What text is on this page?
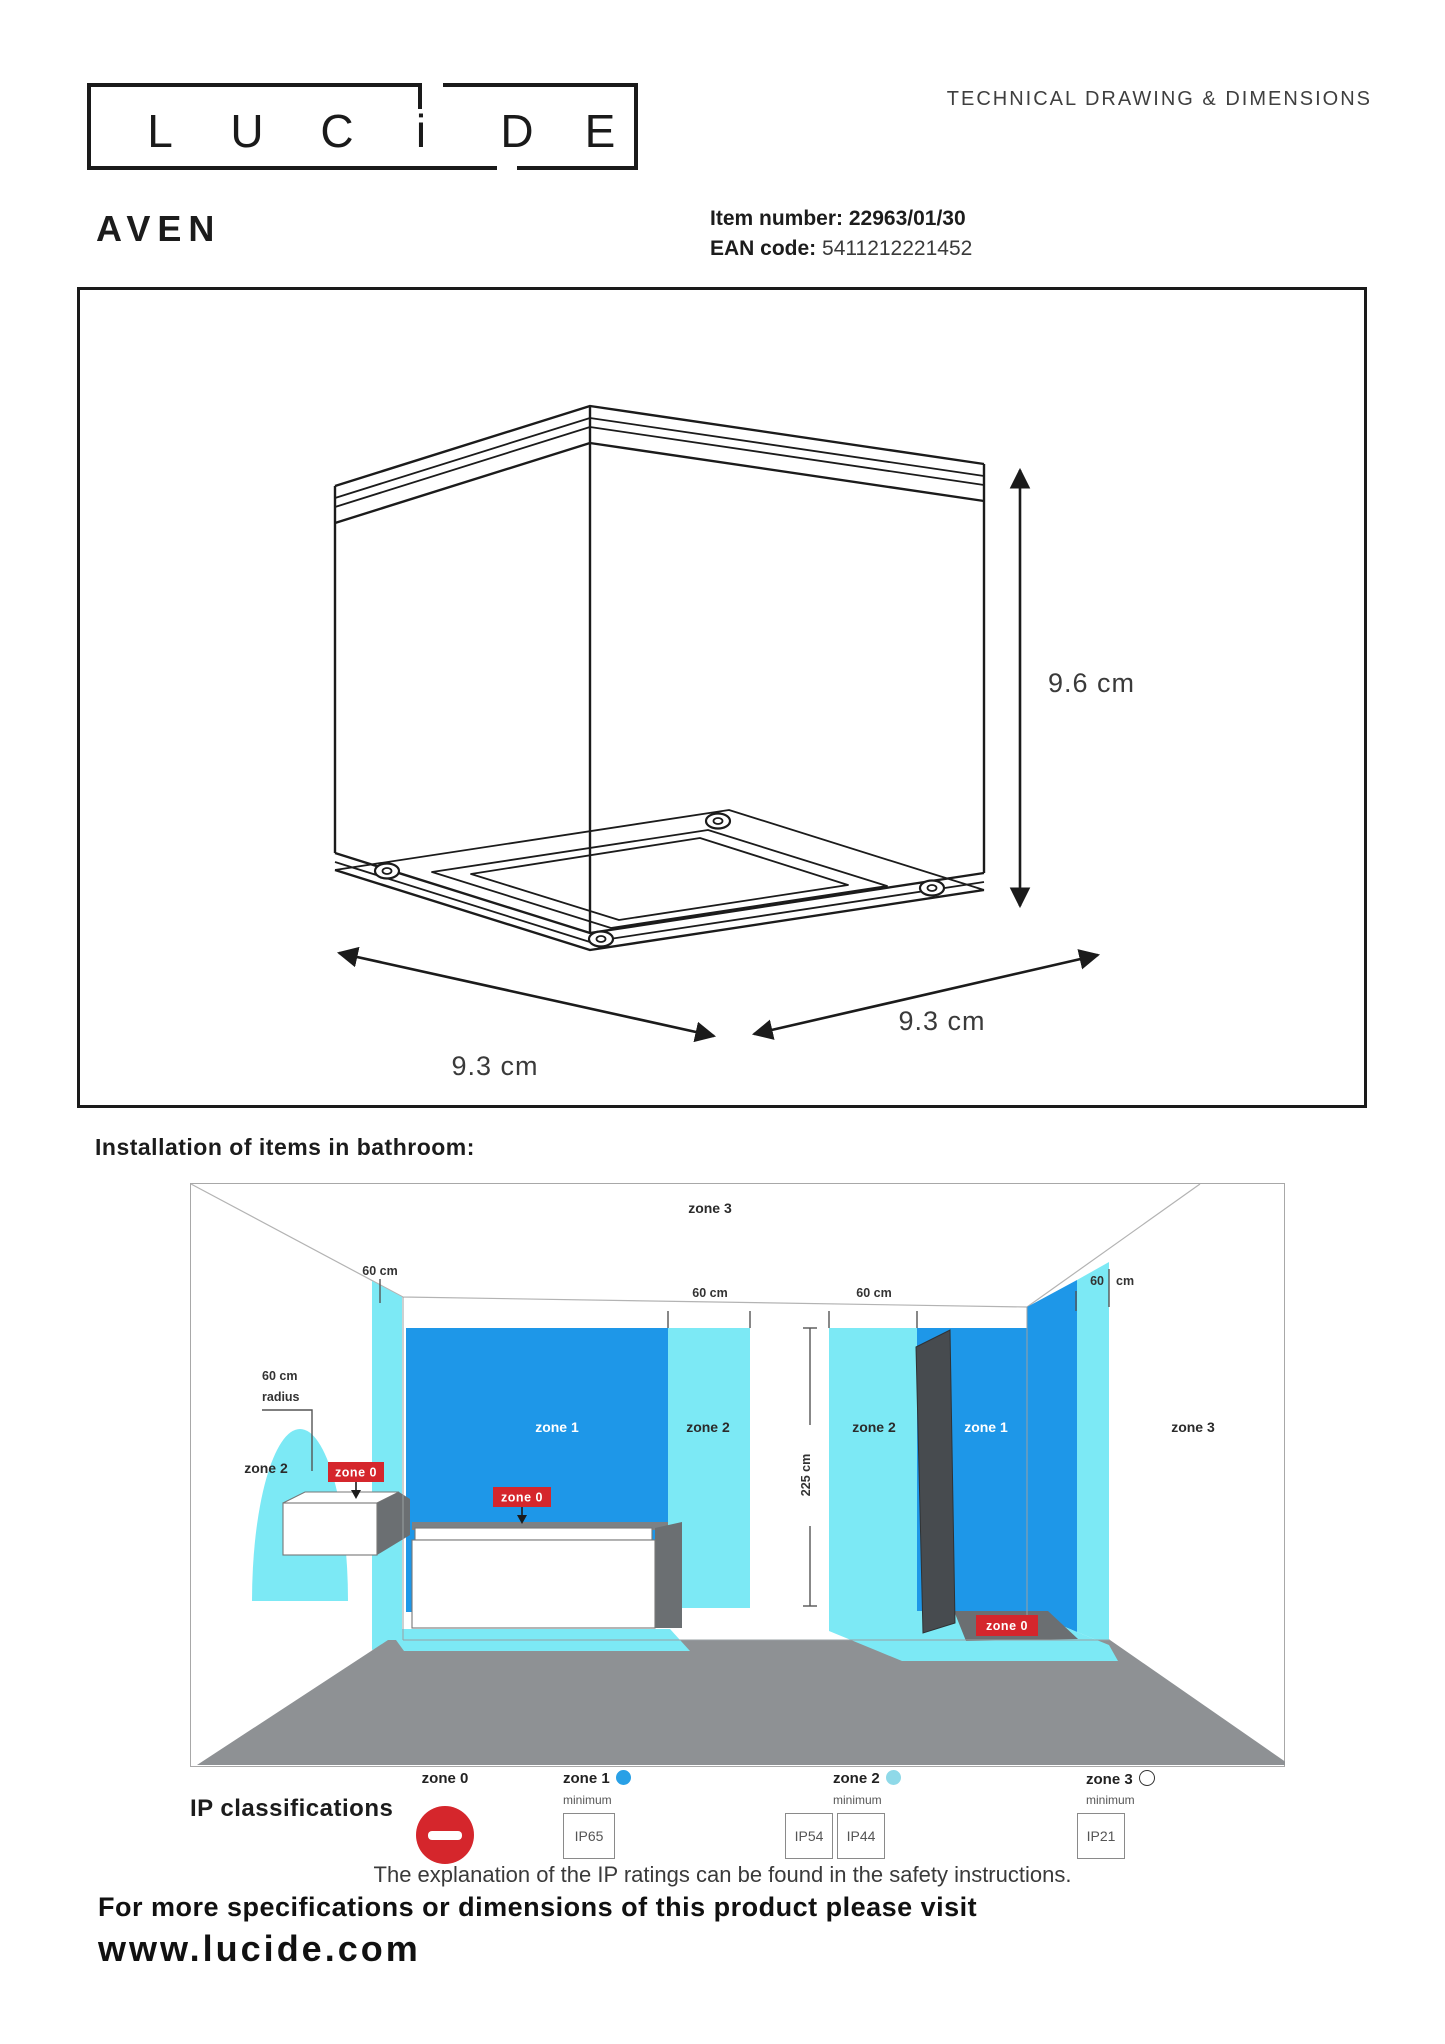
L U C i D E
TECHNICAL DRAWING & DIMENSIONS
AVEN	Item number: 22963/01/30
EAN code: 5411212221452
9.6 cm
9.3 cm
9.3 cm
Installation of items in bathroom:
60 cm
60 cm	60 cm
60 cm
225 cm
60 cm
radius
zone 3
zone 1	zone 2	zone 2	zone 1	zone 3
zone 2	zone 0
zone 0
zone 0
IP classifications
zone 0	zone 1
minimum
IP65
zone 2
minimum
IP54	IP44
zone 3
minimum
IP21
The explanation of the IP ratings can be found in the safety instructions.
For more specifications or dimensions of this product please visit
www.lucide.com
